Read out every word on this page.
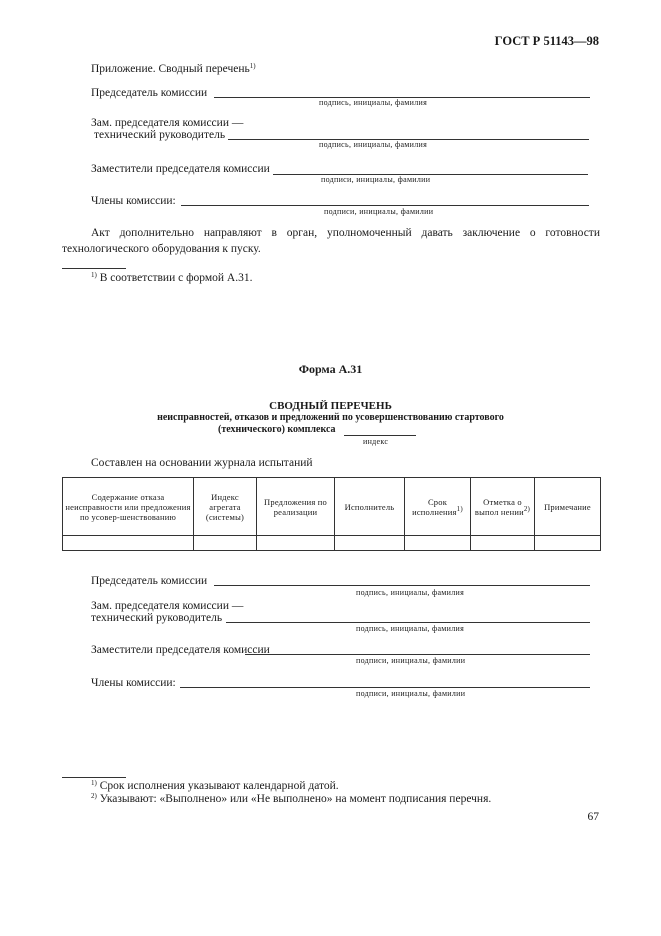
ГОСТ Р 51143—98
Приложение. Сводный перечень$^{1)}$
Председатель комиссии
подпись, инициалы, фамилия
Зам. председателя комиссии —
технический руководитель
подпись, инициалы, фамилия
Заместители председателя комиссии
подписи, инициалы, фамилии
Члены комиссии:
подписи, инициалы, фамилии
Акт дополнительно направляют в орган, уполномоченный давать заключение о готовности технологического оборудования к пуску.
$^{1)}$ В соответствии с формой А.31.
Форма А.31
СВОДНЫЙ ПЕРЕЧЕНЬ
неисправностей, отказов и предложений по усовершенствованию стартового
(технического) комплекса
индекс
Составлен на основании журнала испытаний
Содержание отказа неисправности или предложения по усовер-шенствованию	Индекс агрегата (системы)	Предложения по реализации	Исполнитель	Срок исполнения$^{1)}$	Отметка о выпол нении$^{2)}$	Примечание

Председатель комиссии
подпись, инициалы, фамилия
Зам. председателя комиссии —
технический руководитель
подпись, инициалы, фамилия
Заместители председателя комиссии
подписи, инициалы, фамилии
Члены комиссии:
подписи, инициалы, фамилии
$^{1)}$ Срок исполнения указывают календарной датой.
$^{2)}$ Указывают: «Выполнено» или «Не выполнено» на момент подписания перечня.
67
